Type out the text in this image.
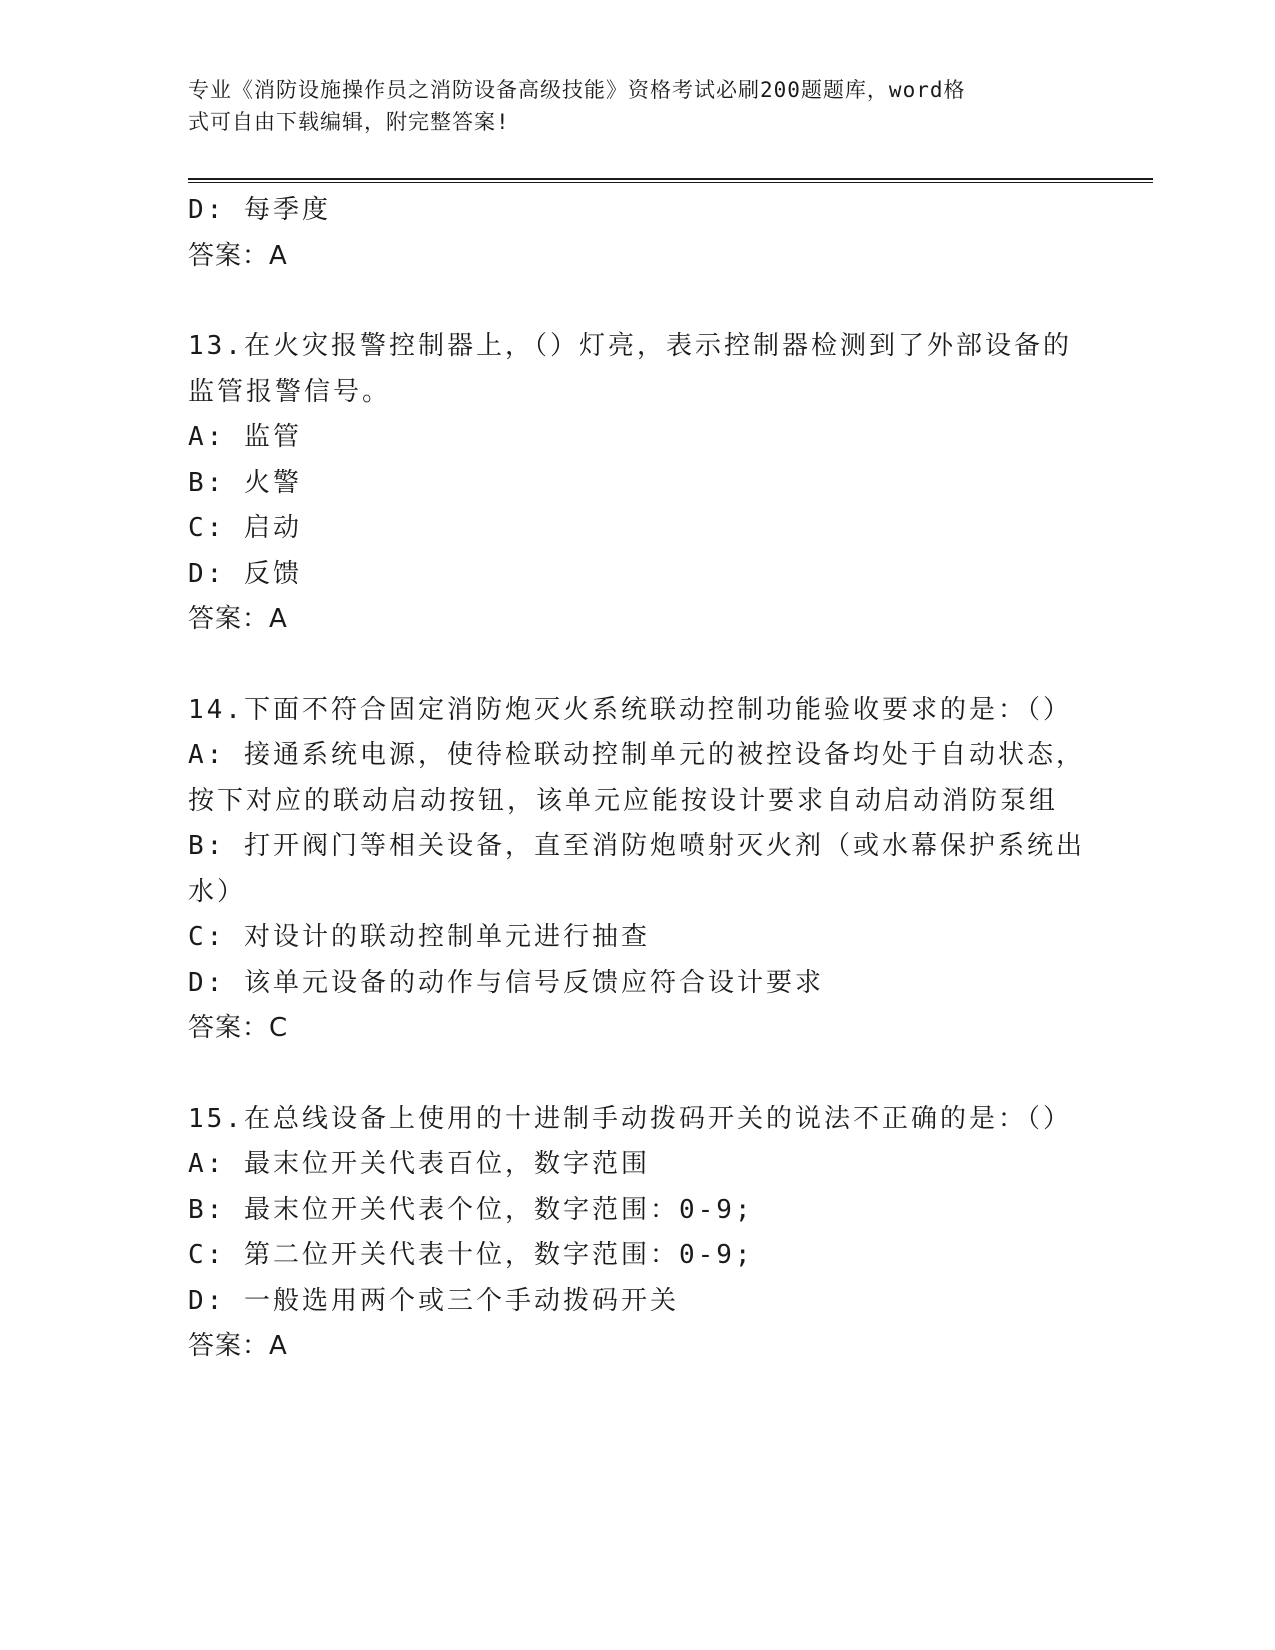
专业《消防设施操作员之消防设备高级技能》资格考试必刷200题题库，word格
式可自由下载编辑，附完整答案!
D: 每季度
答案：A
13.在火灾报警控制器上，（）灯亮，表示控制器检测到了外部设备的
监管报警信号。
A: 监管
B: 火警
C: 启动
D: 反馈
答案：A
14.下面不符合固定消防炮灭火系统联动控制功能验收要求的是：（）
A: 接通系统电源，使待检联动控制单元的被控设备均处于自动状态，
按下对应的联动启动按钮，该单元应能按设计要求自动启动消防泵组
B: 打开阀门等相关设备，直至消防炮喷射灭火剂（或水幕保护系统出
水）
C: 对设计的联动控制单元进行抽查
D: 该单元设备的动作与信号反馈应符合设计要求
答案：C
15.在总线设备上使用的十进制手动拨码开关的说法不正确的是：（）
A: 最末位开关代表百位，数字范围
B: 最末位开关代表个位，数字范围：0-9;
C: 第二位开关代表十位，数字范围：0-9;
D: 一般选用两个或三个手动拨码开关
答案：A
